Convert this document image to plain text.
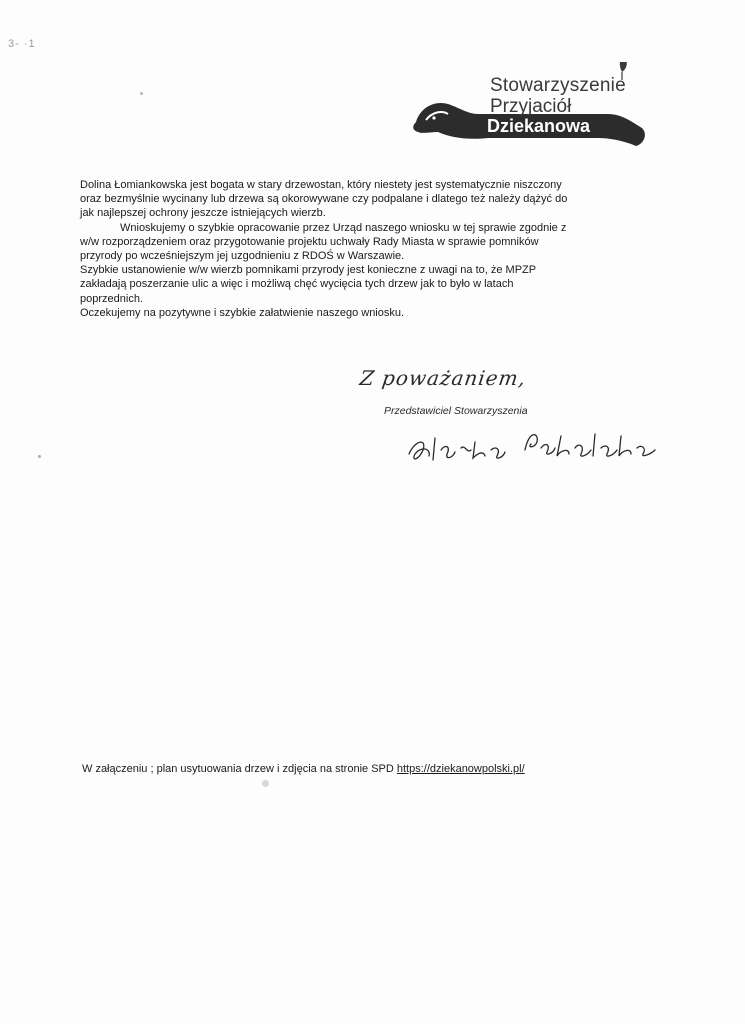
3- ·1
Stowarzyszenie
Przyjaciół
Dziekanowa
Dolina Łomiankowska jest bogata w stary drzewostan, który niestety jest systematycznie niszczony
oraz bezmyślnie wycinany lub drzewa są okorowywane czy podpalane i dlatego też należy dążyć do
jak najlepszej ochrony jeszcze istniejących wierzb.
Wnioskujemy o szybkie opracowanie przez Urząd naszego wniosku w tej sprawie zgodnie z
w/w rozporządzeniem oraz przygotowanie projektu uchwały Rady Miasta w sprawie pomników
przyrody po wcześniejszym jej uzgodnieniu z RDOŚ w Warszawie.
Szybkie ustanowienie w/w wierzb pomnikami przyrody jest konieczne z uwagi na to, że MPZP
zakładają poszerzanie ulic a więc i możliwą chęć wycięcia tych drzew jak to było w latach
poprzednich.
Oczekujemy na pozytywne i szybkie załatwienie naszego wniosku.
Z poważaniem,
Przedstawiciel Stowarzyszenia
W załączeniu ; plan usytuowania drzew i zdjęcia na stronie SPD https://dziekanowpolski.pl/
